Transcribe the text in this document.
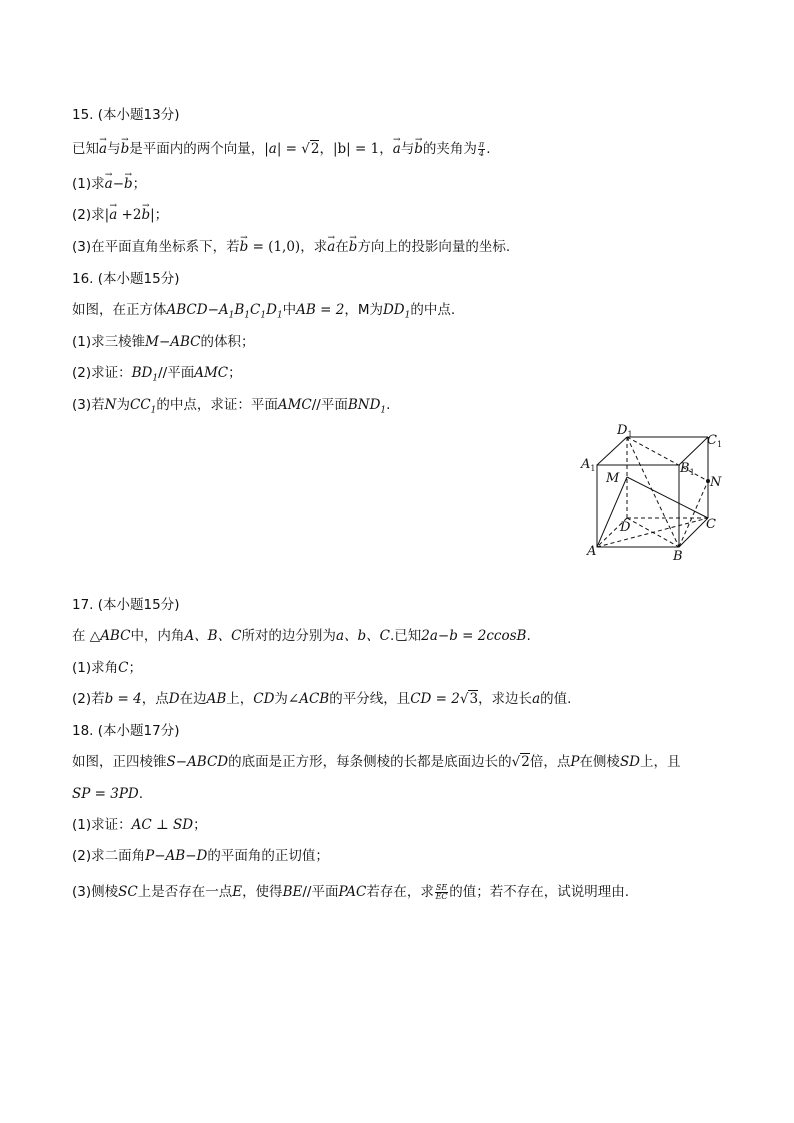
15. (本小题13分)
已知→ a与→ b是平面内的两个向量，|a| = √2，|b| = 1，→ a与→ b的夹角为 $\frac{\pi}{4}$ .
(1)求→ a−→ b；
(2)求|→ a +2→ b|；
(3)在平面直角坐标系下，若→ b = (1,0)，求→ a在→ b方向上的投影向量的坐标.
16. (本小题15分)
如图，在正方体$ABCD-A_1B_1C_1D_1$中AB = 2，M为$DD_1$的中点.
(1)求三棱锥M−ABC的体积；
(2)求证：$BD_1//$平面AMC；
(3)若N为$CC_1$的中点，求证：平面AMC//平面$BND_1$.
$D_1$	$C_1$
$A_1$	$B_1$
M	N
D	C
A	B
17. (本小题15分)
在 △ABC中，内角A、B、C所对的边分别为a、b、C.已知2a−b = 2ccosB.
(1)求角C；
(2)若b = 4，点D在边AB上，CD为∠ACB的平分线，且CD = 2√3，求边长a的值.
18. (本小题17分)
如图，正四棱锥S−ABCD的底面是正方形，每条侧棱的长都是底面边长的√2倍，点P在侧棱SD上，且
SP = 3PD.
(1)求证：AC ⊥ SD；
(2)求二面角P−AB−D的平面角的正切值；
(3)侧棱SC上是否存在一点E，使得BE//平面PAC若存在，求 $\frac{SE}{EC}$ 的值；若不存在，试说明理由.
